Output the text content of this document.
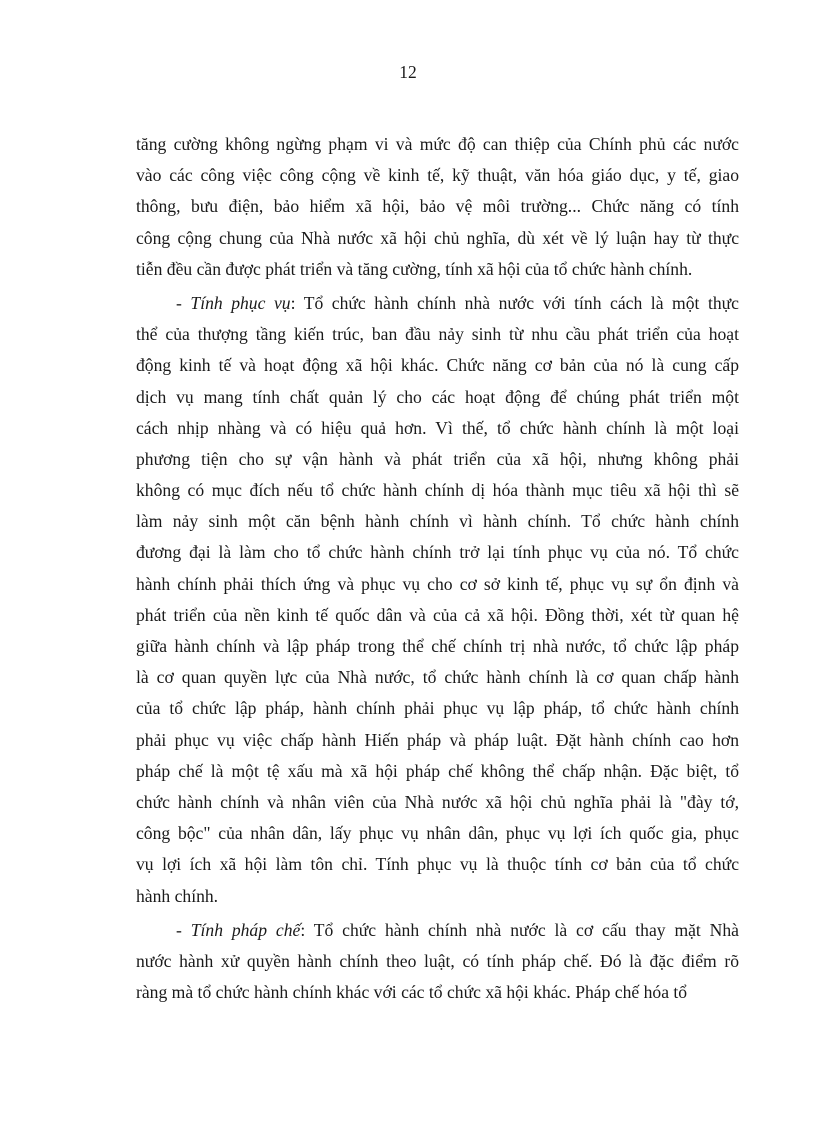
12
tăng cường không ngừng phạm vi và mức độ can thiệp của Chính phủ các nước
vào các công việc công cộng về kinh tế, kỹ thuật, văn hóa giáo dục, y tế, giao
thông, bưu điện, bảo hiểm xã hội, bảo vệ môi trường... Chức năng có tính
công cộng chung của Nhà nước xã hội chủ nghĩa, dù xét về lý luận hay từ thực
tiễn đều cần được phát triển và tăng cường, tính xã hội của tổ chức hành chính.
- Tính phục vụ: Tổ chức hành chính nhà nước với tính cách là một thực
thể của thượng tầng kiến trúc, ban đầu nảy sinh từ nhu cầu phát triển của hoạt
động kinh tế và hoạt động xã hội khác. Chức năng cơ bản của nó là cung cấp
dịch vụ mang tính chất quản lý cho các hoạt động để chúng phát triển một
cách nhịp nhàng và có hiệu quả hơn. Vì thế, tổ chức hành chính là một loại
phương tiện cho sự vận hành và phát triển của xã hội, nhưng không phải
không có mục đích nếu tổ chức hành chính dị hóa thành mục tiêu xã hội thì sẽ
làm nảy sinh một căn bệnh hành chính vì hành chính. Tổ chức hành chính
đương đại là làm cho tổ chức hành chính trở lại tính phục vụ của nó. Tổ chức
hành chính phải thích ứng và phục vụ cho cơ sở kinh tế, phục vụ sự ổn định và
phát triển của nền kinh tế quốc dân và của cả xã hội. Đồng thời, xét từ quan hệ
giữa hành chính và lập pháp trong thể chế chính trị nhà nước, tổ chức lập pháp
là cơ quan quyền lực của Nhà nước, tổ chức hành chính là cơ quan chấp hành
của tổ chức lập pháp, hành chính phải phục vụ lập pháp, tổ chức hành chính
phải phục vụ việc chấp hành Hiến pháp và pháp luật. Đặt hành chính cao hơn
pháp chế là một tệ xấu mà xã hội pháp chế không thể chấp nhận. Đặc biệt, tổ
chức hành chính và nhân viên của Nhà nước xã hội chủ nghĩa phải là "đày tớ,
công bộc" của nhân dân, lấy phục vụ nhân dân, phục vụ lợi ích quốc gia, phục
vụ lợi ích xã hội làm tôn chỉ. Tính phục vụ là thuộc tính cơ bản của tổ chức
hành chính.
- Tính pháp chế: Tổ chức hành chính nhà nước là cơ cấu thay mặt Nhà
nước hành xử quyền hành chính theo luật, có tính pháp chế. Đó là đặc điểm rõ
ràng mà tổ chức hành chính khác với các tổ chức xã hội khác. Pháp chế hóa tổ
